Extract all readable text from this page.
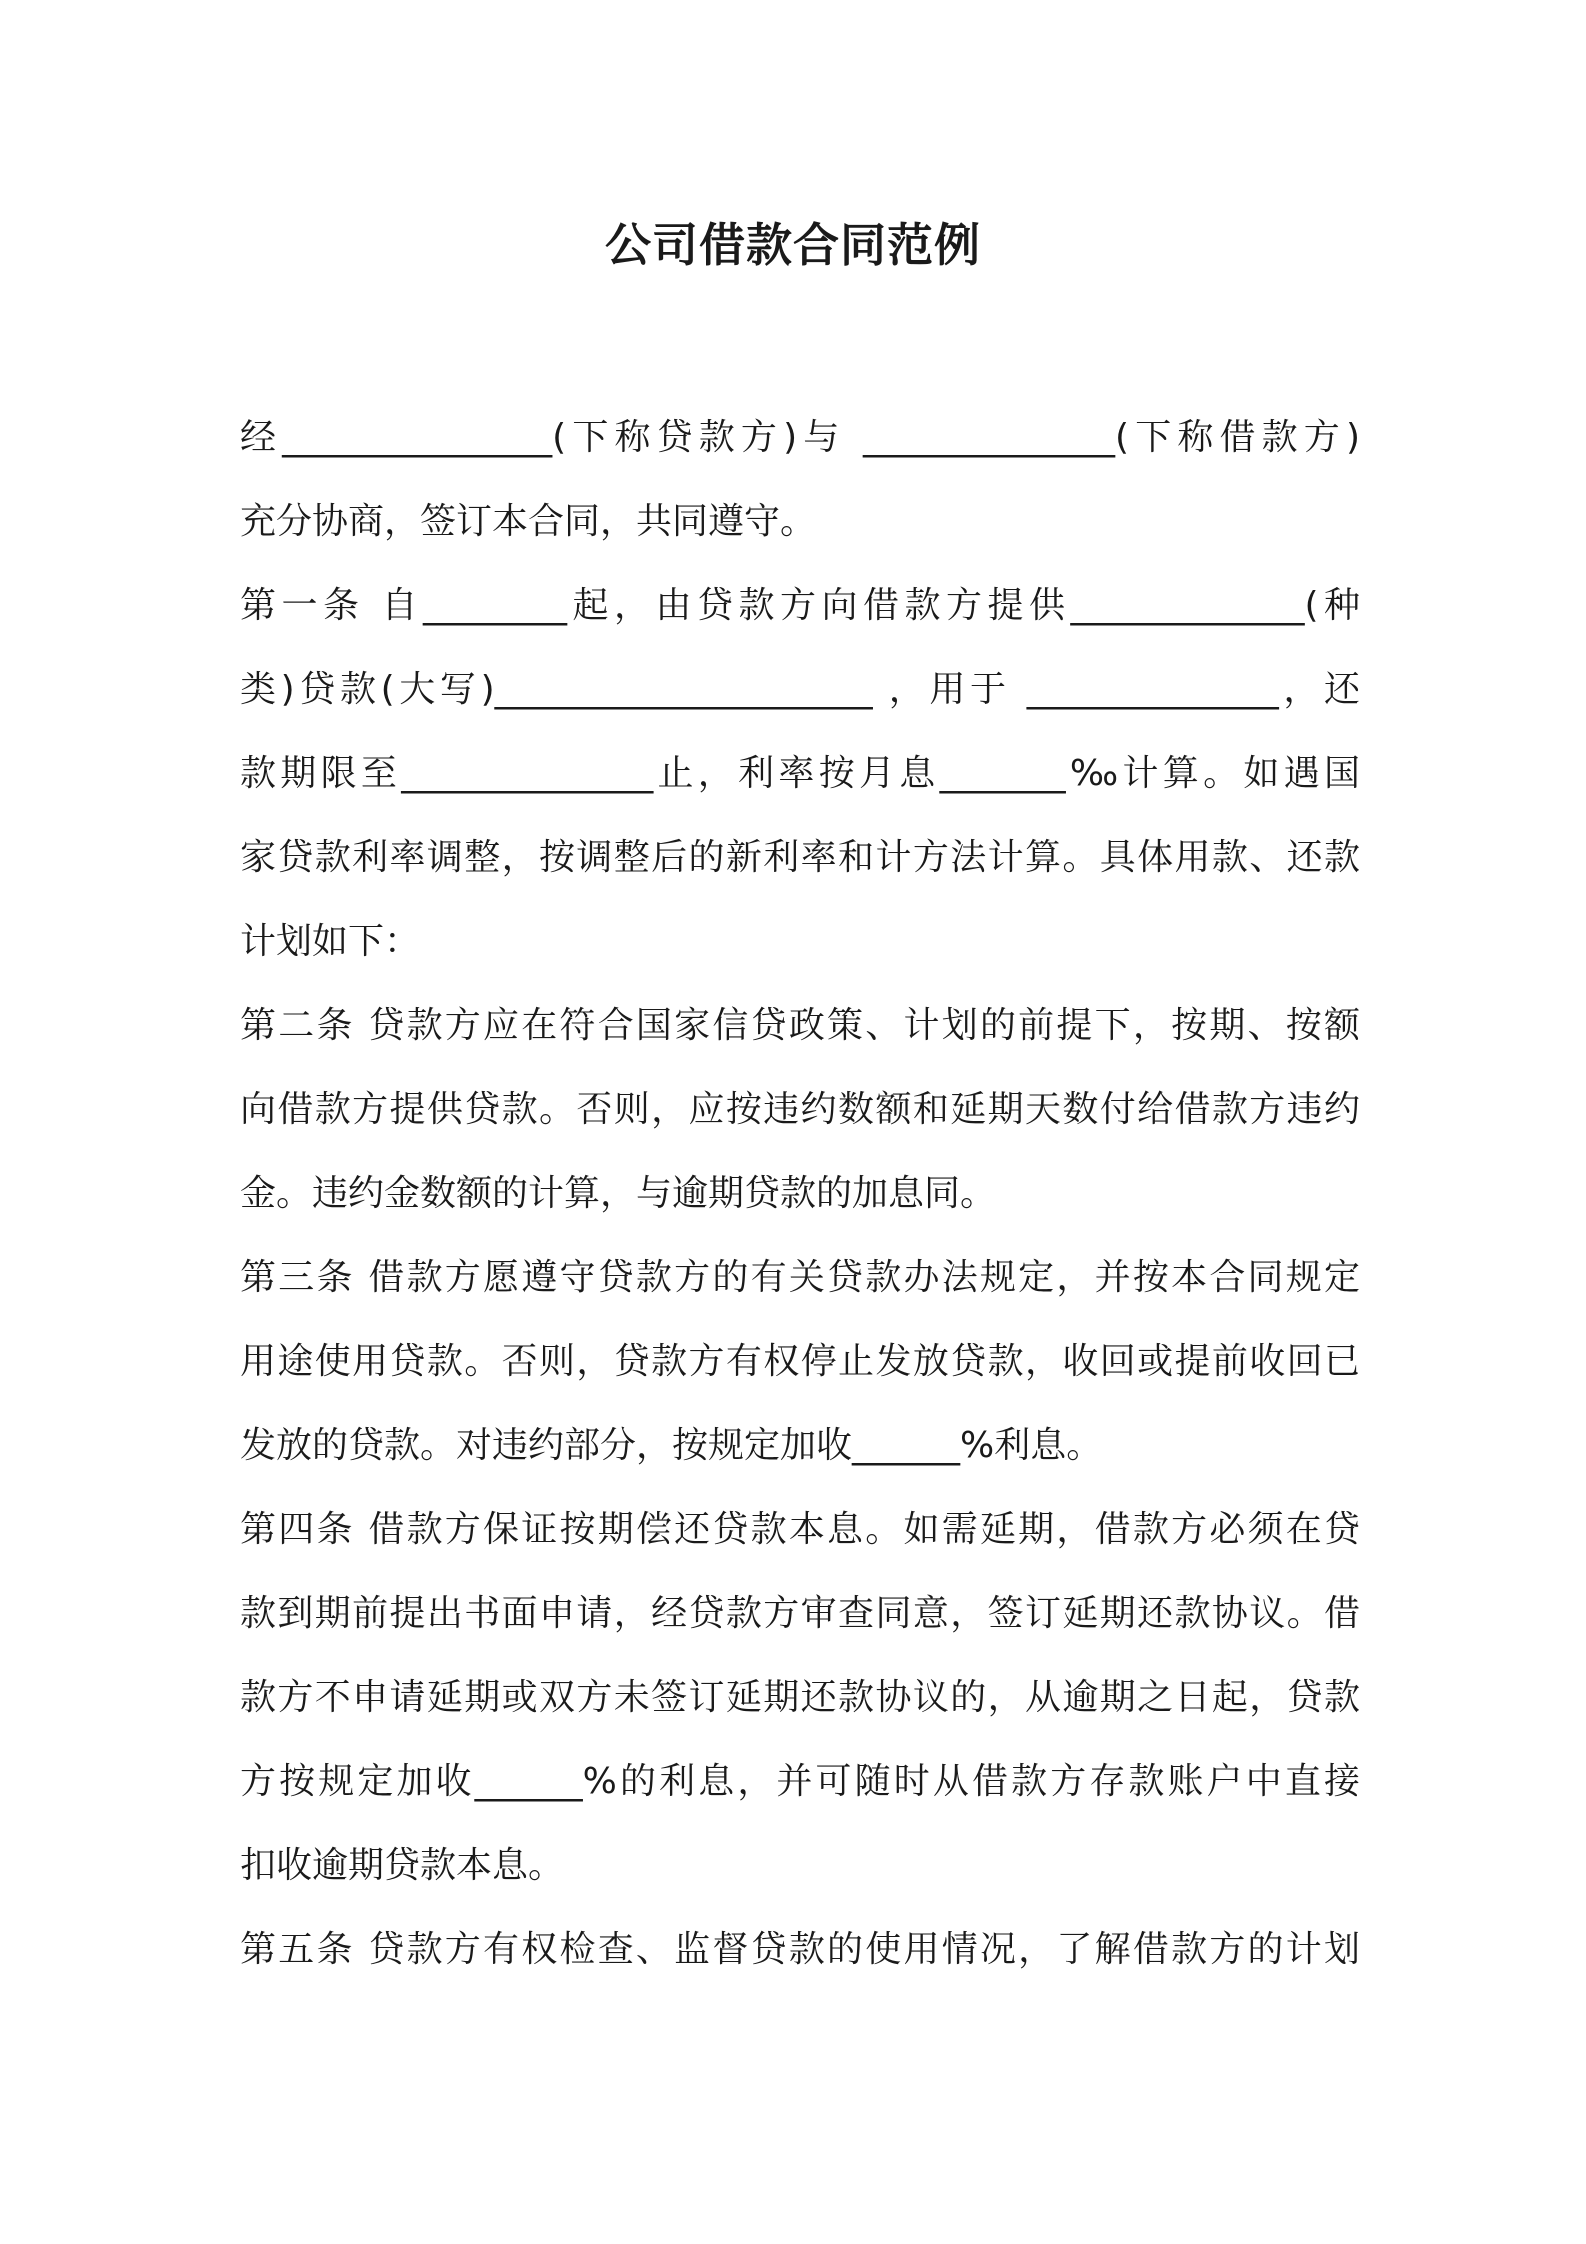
公司借款合同范例
经_______________(下称贷款方)与 ______________(下称借款方)
充分协商，签订本合同，共同遵守。
第一条 自________起，由贷款方向借款方提供_____________(种
类)贷款(大写)_____________________ ，用于 ______________，还
款期限至______________止，利率按月息_______‰计算。如遇国
家贷款利率调整，按调整后的新利率和计方法计算。具体用款、还款
计划如下：
第二条 贷款方应在符合国家信贷政策、计划的前提下，按期、按额
向借款方提供贷款。否则，应按违约数额和延期天数付给借款方违约
金。违约金数额的计算，与逾期贷款的加息同。
第三条 借款方愿遵守贷款方的有关贷款办法规定，并按本合同规定
用途使用贷款。否则，贷款方有权停止发放贷款，收回或提前收回已
发放的贷款。对违约部分，按规定加收______%利息。
第四条 借款方保证按期偿还贷款本息。如需延期，借款方必须在贷
款到期前提出书面申请，经贷款方审查同意，签订延期还款协议。借
款方不申请延期或双方未签订延期还款协议的，从逾期之日起，贷款
方按规定加收______%的利息，并可随时从借款方存款账户中直接
扣收逾期贷款本息。
第五条 贷款方有权检查、监督贷款的使用情况，了解借款方的计划
